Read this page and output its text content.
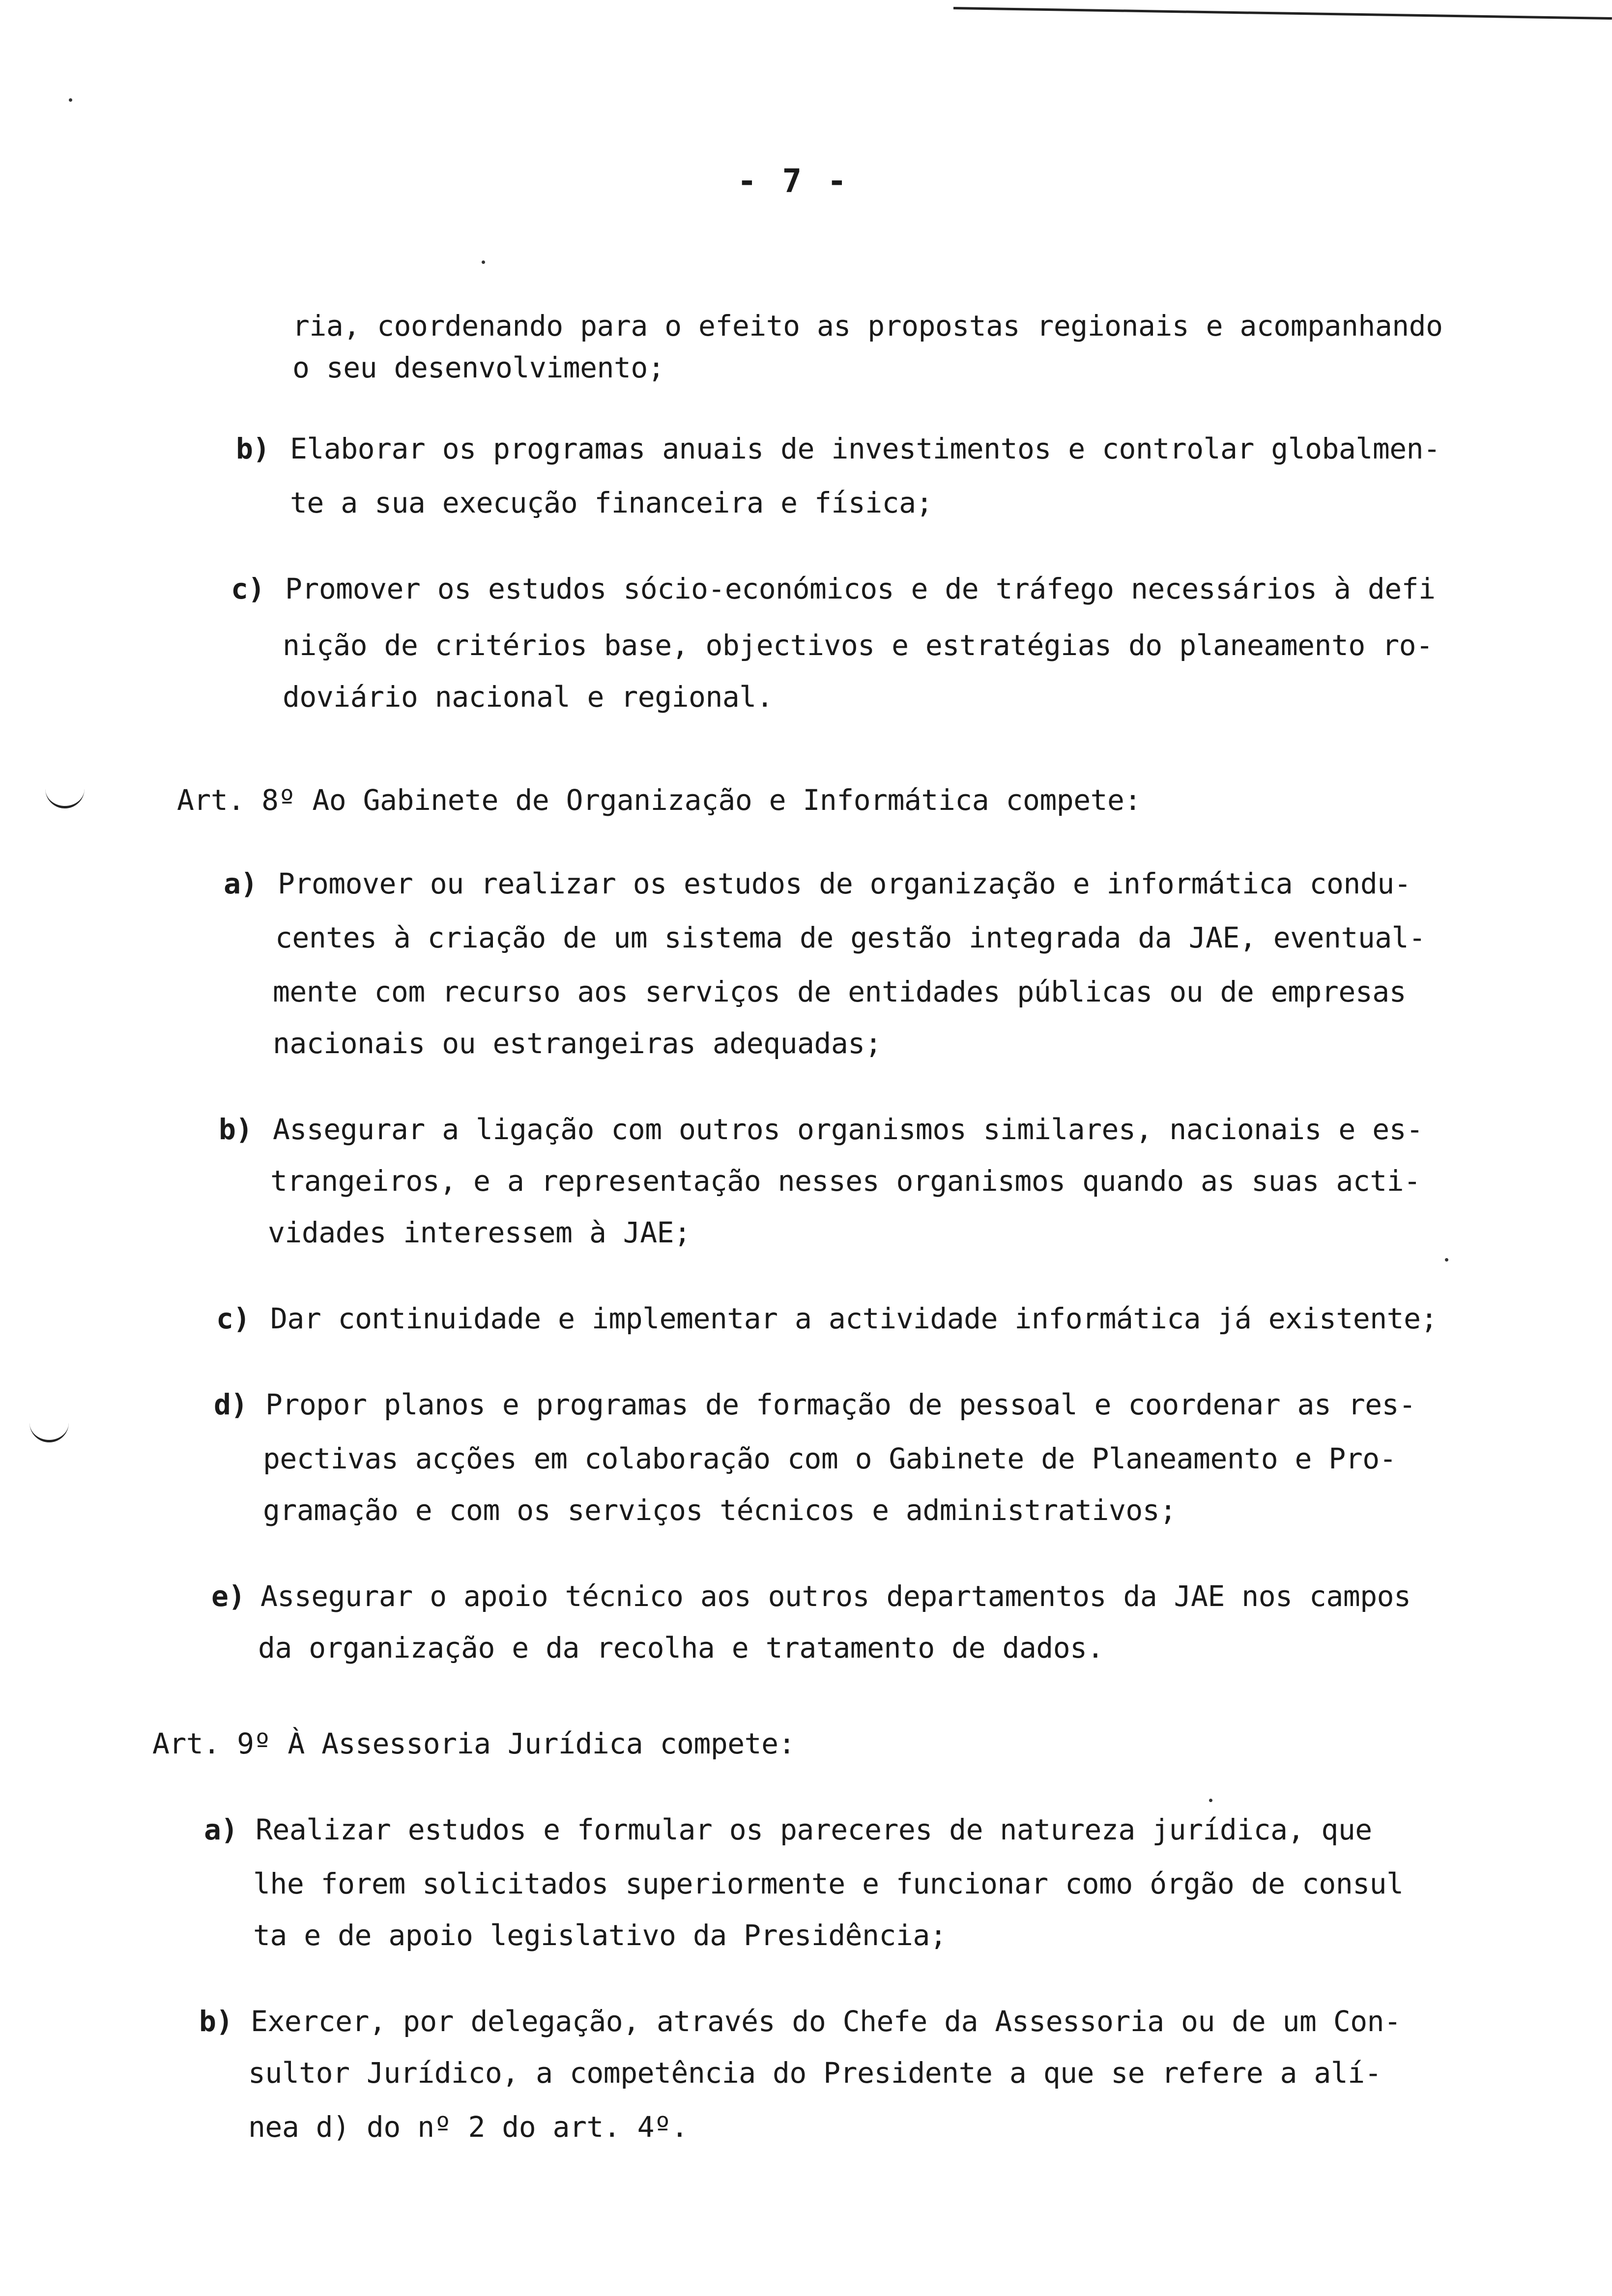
- 7 -
ria, coordenando para o efeito as propostas regionais e acompanhando
o seu desenvolvimento;
b) Elaborar os programas anuais de investimentos e controlar globalmen-
te a sua execução financeira e física;
c) Promover os estudos sócio-económicos e de tráfego necessários à defi
nição de critérios base, objectivos e estratégias do planeamento ro-
doviário nacional e regional.
Art. 8º Ao Gabinete de Organização e Informática compete:
a) Promover ou realizar os estudos de organização e informática condu-
centes à criação de um sistema de gestão integrada da JAE, eventual-
mente com recurso aos serviços de entidades públicas ou de empresas
nacionais ou estrangeiras adequadas;
b) Assegurar a ligação com outros organismos similares, nacionais e es-
trangeiros, e a representação nesses organismos quando as suas acti-
vidades interessem à JAE;
c) Dar continuidade e implementar a actividade informática já existente;
d) Propor planos e programas de formação de pessoal e coordenar as res-
pectivas acções em colaboração com o Gabinete de Planeamento e Pro-
gramação e com os serviços técnicos e administrativos;
e) Assegurar o apoio técnico aos outros departamentos da JAE nos campos
da organização e da recolha e tratamento de dados.
Art. 9º À Assessoria Jurídica compete:
a) Realizar estudos e formular os pareceres de natureza jurídica, que
lhe forem solicitados superiormente e funcionar como órgão de consul
ta e de apoio legislativo da Presidência;
b) Exercer, por delegação, através do Chefe da Assessoria ou de um Con-
sultor Jurídico, a competência do Presidente a que se refere a alí-
nea d) do nº 2 do art. 4º.
